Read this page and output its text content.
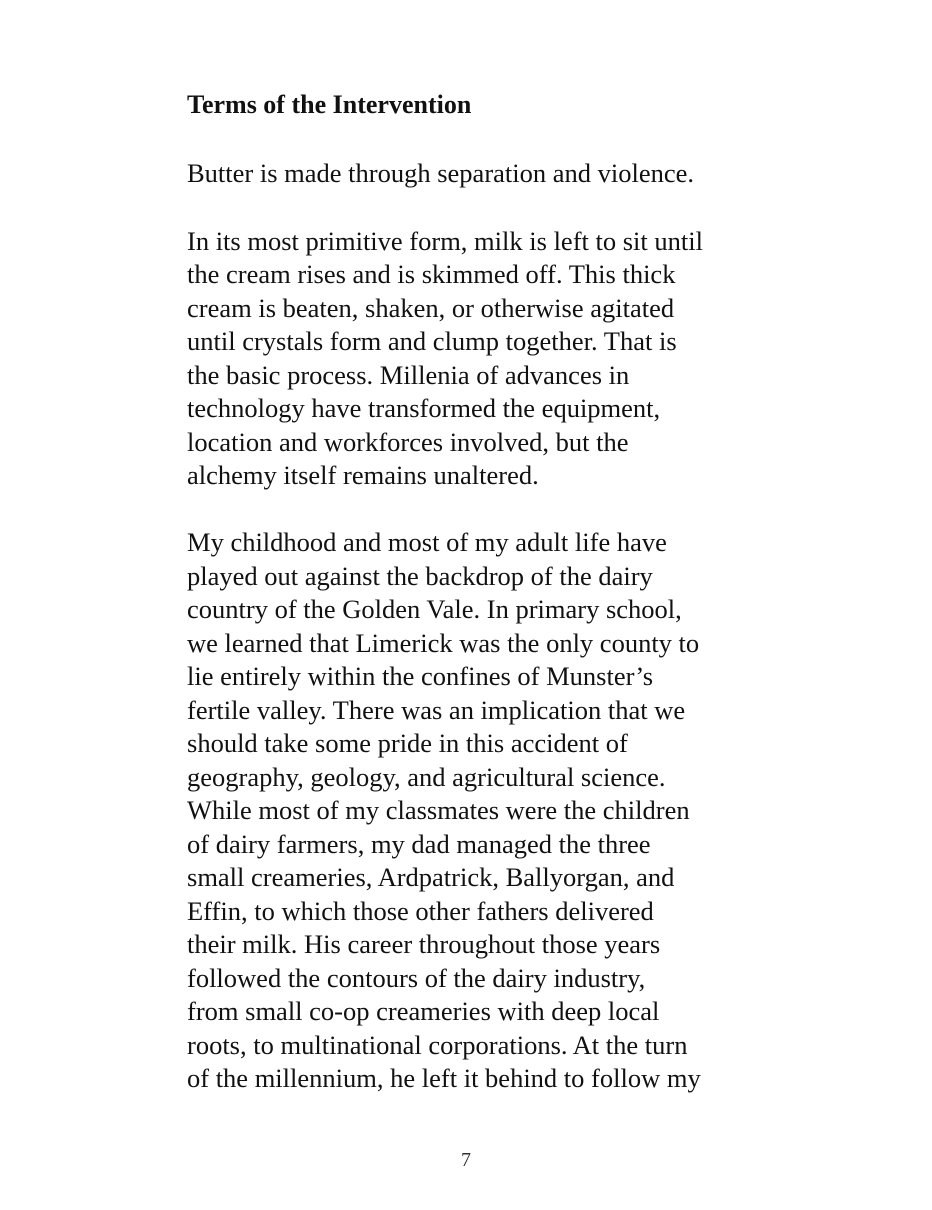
Terms of the Intervention

Butter is made through separation and violence.

In its most primitive form, milk is left to sit until

the cream rises and is skimmed off. This thick

cream is beaten, shaken, or otherwise agitated

until crystals form and clump together. That is

the basic process. Millenia of advances in

technology have transformed the equipment,

location and workforces involved, but the

alchemy itself remains unaltered.

My childhood and most of my adult life have

played out against the backdrop of the dairy

country of the Golden Vale. In primary school,

we learned that Limerick was the only county to

lie entirely within the confines of Munster’s

fertile valley. There was an implication that we

should take some pride in this accident of

geography, geology, and agricultural science.

While most of my classmates were the children

of dairy farmers, my dad managed the three

small creameries, Ardpatrick, Ballyorgan, and

Effin, to which those other fathers delivered

their milk. His career throughout those years

followed the contours of the dairy industry,

from small co-op creameries with deep local

roots, to multinational corporations. At the turn

of the millennium, he left it behind to follow my

7
